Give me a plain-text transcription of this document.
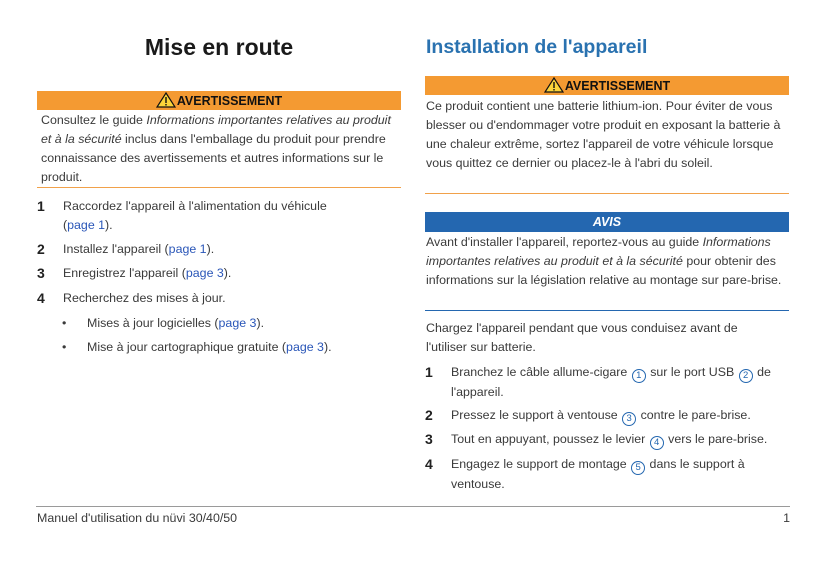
Mise en route
AVERTISSEMENT
Consultez le guide Informations importantes relatives au produit et à la sécurité inclus dans l'emballage du produit pour prendre connaissance des avertissements et autres informations sur le produit.
1 Raccordez l'appareil à l'alimentation du véhicule
(page 1).
2 Installez l'appareil (page 1).
3 Enregistrez l'appareil (page 3).
4 Recherchez des mises à jour.
• Mises à jour logicielles (page 3).
• Mise à jour cartographique gratuite (page 3).
Installation de l'appareil
AVERTISSEMENT
Ce produit contient une batterie lithium-ion. Pour éviter de vous blesser ou d'endommager votre produit en exposant la batterie à une chaleur extrême, sortez l'appareil de votre véhicule lorsque vous quittez ce dernier ou placez-le à l'abri du soleil.
AVIS
Avant d'installer l'appareil, reportez-vous au guide Informations importantes relatives au produit et à la sécurité pour obtenir des informations sur la législation relative au montage sur pare-brise.
Chargez l'appareil pendant que vous conduisez avant de l'utiliser sur batterie.
1 Branchez le câble allume-cigare 1 sur le port USB 2 de l'appareil.
2 Pressez le support à ventouse 3 contre le pare-brise.
3 Tout en appuyant, poussez le levier 4 vers le pare-brise.
4 Engagez le support de montage 5 dans le support à ventouse.
Manuel d'utilisation du nüvi 30/40/50	1
